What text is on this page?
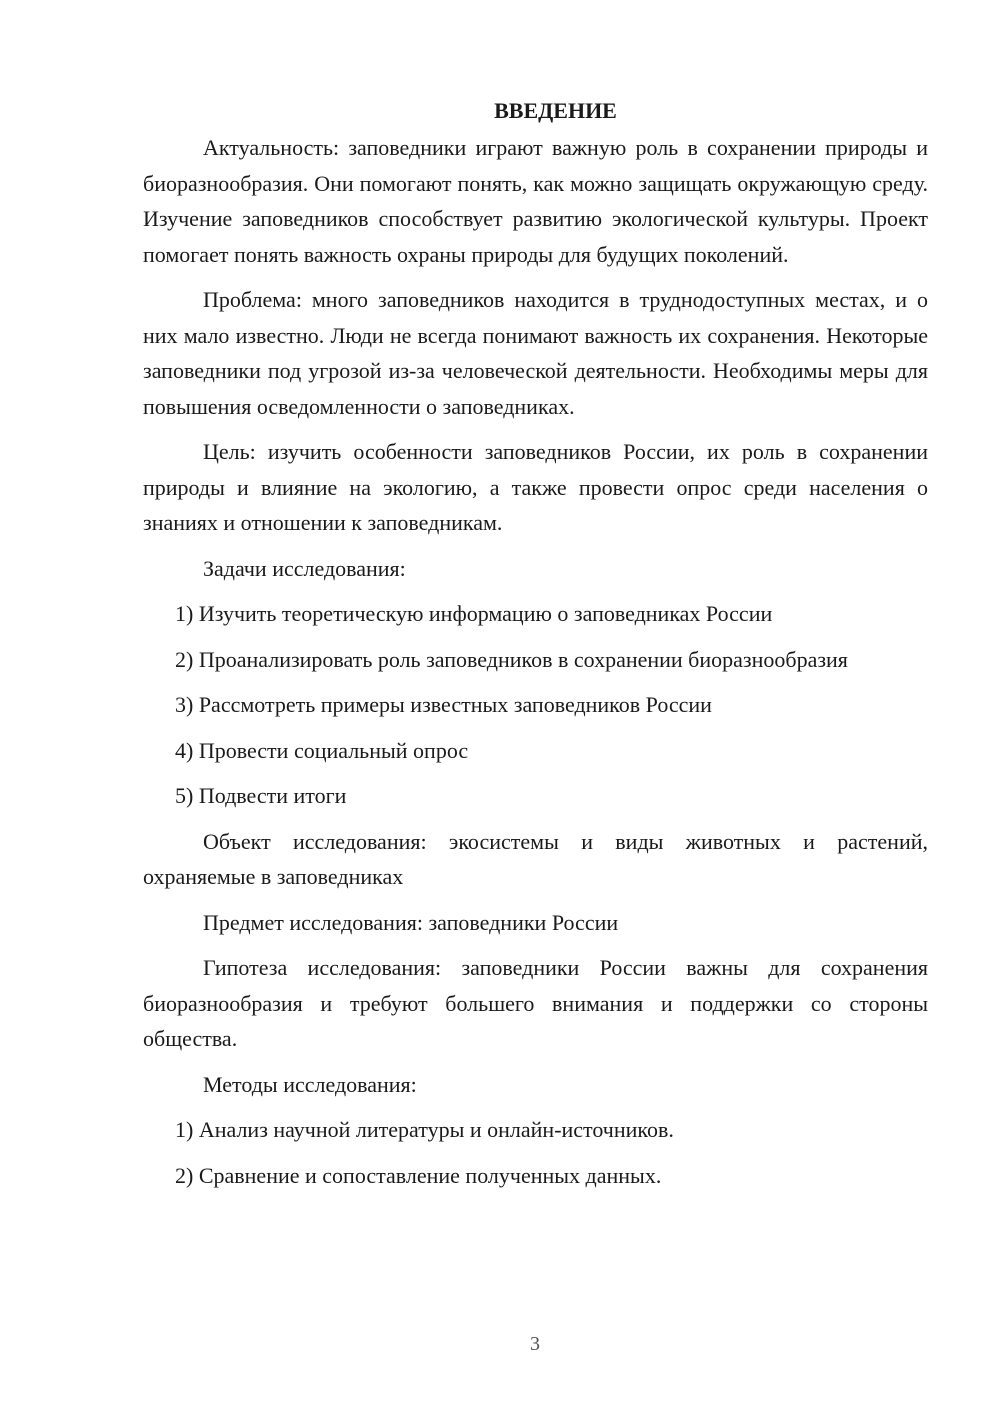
ВВЕДЕНИЕ

Актуальность: заповедники играют важную роль в сохранении природы и биоразнообразия. Они помогают понять, как можно защищать окружающую среду. Изучение заповедников способствует развитию экологической культуры. Проект помогает понять важность охраны природы для будущих поколений.

Проблема: много заповедников находится в труднодоступных местах, и о них мало известно. Люди не всегда понимают важность их сохранения. Некоторые заповедники под угрозой из-за человеческой деятельности. Необходимы меры для повышения осведомленности о заповедниках.

Цель: изучить особенности заповедников России, их роль в сохранении природы и влияние на экологию, а также провести опрос среди населения о знаниях и отношении к заповедникам.

Задачи исследования:

1) Изучить теоретическую информацию о заповедниках России

2) Проанализировать роль заповедников в сохранении биоразнообразия

3) Рассмотреть примеры известных заповедников России

4) Провести социальный опрос

5) Подвести итоги

Объект исследования: экосистемы и виды животных и растений, охраняемые в заповедниках

Предмет исследования: заповедники России

Гипотеза исследования: заповедники России важны для сохранения биоразнообразия и требуют большего внимания и поддержки со стороны общества.

Методы исследования:

1) Анализ научной литературы и онлайн-источников.

2) Сравнение и сопоставление полученных данных.

3
